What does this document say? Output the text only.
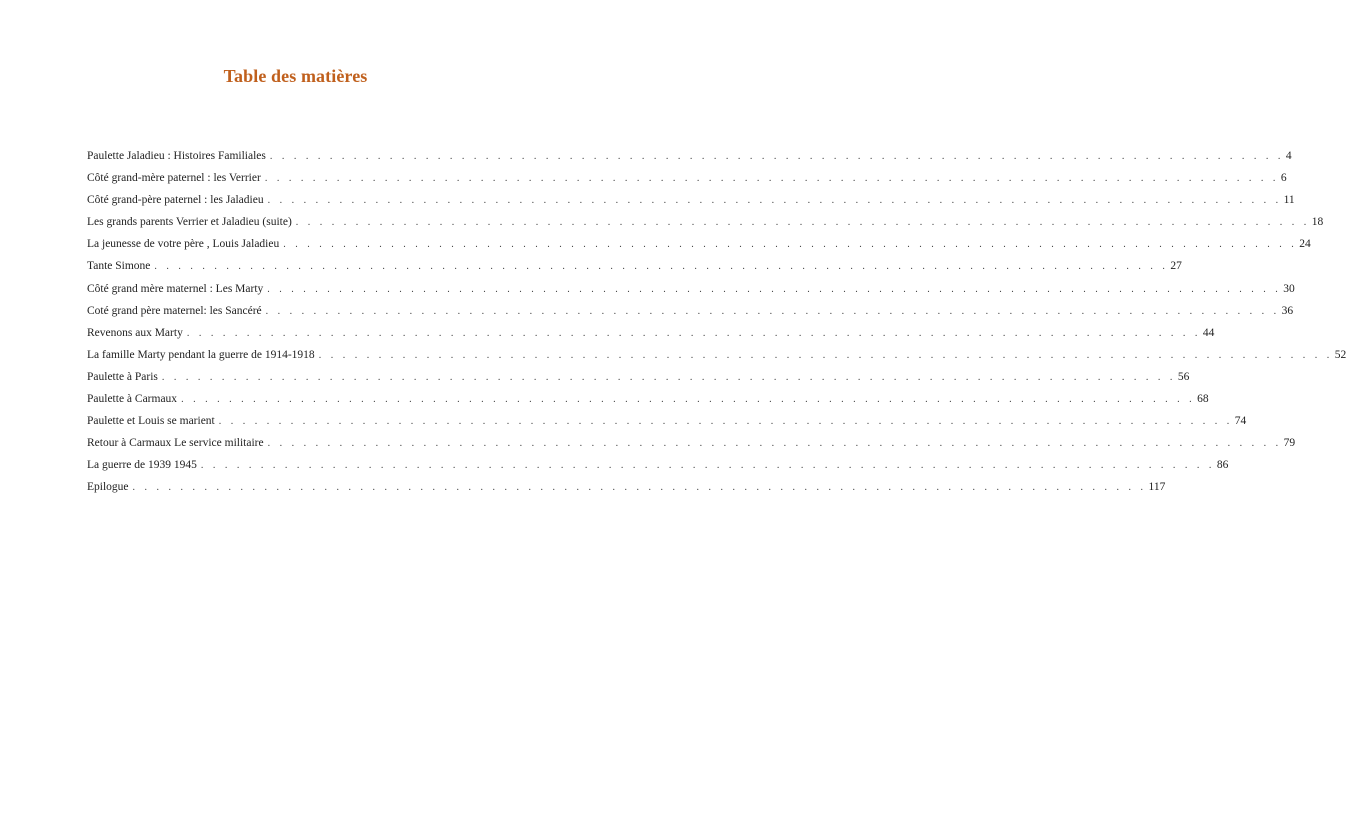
Table des matières
Paulette Jaladieu : Histoires Familiales . . . . . . . . . . . . . . . . . . . . . . . . . . . . . . . . . . . . . . . . . . . . . . . . . . . . . . . . . . . . . . . . . . . . . . . . . . . . . . . . . . . . . 4
Côté grand-mère paternel : les Verrier . . . . . . . . . . . . . . . . . . . . . . . . . . . . . . . . . . . . . . . . . . . . . . . . . . . . . . . . . . . . . . . . . . . . . . . . . . . . . . . . . . . . . 6
Côté grand-père paternel : les Jaladieu . . . . . . . . . . . . . . . . . . . . . . . . . . . . . . . . . . . . . . . . . . . . . . . . . . . . . . . . . . . . . . . . . . . . . . . . . . . . . . . . . . . . . 11
Les grands parents Verrier et Jaladieu (suite) . . . . . . . . . . . . . . . . . . . . . . . . . . . . . . . . . . . . . . . . . . . . . . . . . . . . . . . . . . . . . . . . . . . . . . . . . . . . . . . . . . . . . 18
La jeunesse de votre père , Louis Jaladieu . . . . . . . . . . . . . . . . . . . . . . . . . . . . . . . . . . . . . . . . . . . . . . . . . . . . . . . . . . . . . . . . . . . . . . . . . . . . . . . . . . . . . 24
Tante Simone . . . . . . . . . . . . . . . . . . . . . . . . . . . . . . . . . . . . . . . . . . . . . . . . . . . . . . . . . . . . . . . . . . . . . . . . . . . . . . . . . . . . . 27
Côté grand mère maternel : Les Marty . . . . . . . . . . . . . . . . . . . . . . . . . . . . . . . . . . . . . . . . . . . . . . . . . . . . . . . . . . . . . . . . . . . . . . . . . . . . . . . . . . . . . 30
Coté grand père maternel: les Sancéré . . . . . . . . . . . . . . . . . . . . . . . . . . . . . . . . . . . . . . . . . . . . . . . . . . . . . . . . . . . . . . . . . . . . . . . . . . . . . . . . . . . . . 36
Revenons aux Marty . . . . . . . . . . . . . . . . . . . . . . . . . . . . . . . . . . . . . . . . . . . . . . . . . . . . . . . . . . . . . . . . . . . . . . . . . . . . . . . . . . . . . 44
La famille Marty pendant la guerre de 1914-1918 . . . . . . . . . . . . . . . . . . . . . . . . . . . . . . . . . . . . . . . . . . . . . . . . . . . . . . . . . . . . . . . . . . . . . . . . . . . . . . . . . . . . . 52
Paulette à Paris . . . . . . . . . . . . . . . . . . . . . . . . . . . . . . . . . . . . . . . . . . . . . . . . . . . . . . . . . . . . . . . . . . . . . . . . . . . . . . . . . . . . . 56
Paulette à Carmaux . . . . . . . . . . . . . . . . . . . . . . . . . . . . . . . . . . . . . . . . . . . . . . . . . . . . . . . . . . . . . . . . . . . . . . . . . . . . . . . . . . . . . 68
Paulette et Louis se marient . . . . . . . . . . . . . . . . . . . . . . . . . . . . . . . . . . . . . . . . . . . . . . . . . . . . . . . . . . . . . . . . . . . . . . . . . . . . . . . . . . . . . 74
Retour à Carmaux Le service militaire . . . . . . . . . . . . . . . . . . . . . . . . . . . . . . . . . . . . . . . . . . . . . . . . . . . . . . . . . . . . . . . . . . . . . . . . . . . . . . . . . . . . . 79
La guerre de 1939 1945 . . . . . . . . . . . . . . . . . . . . . . . . . . . . . . . . . . . . . . . . . . . . . . . . . . . . . . . . . . . . . . . . . . . . . . . . . . . . . . . . . . . . . 86
Epilogue . . . . . . . . . . . . . . . . . . . . . . . . . . . . . . . . . . . . . . . . . . . . . . . . . . . . . . . . . . . . . . . . . . . . . . . . . . . . . . . . . . . . . 117
